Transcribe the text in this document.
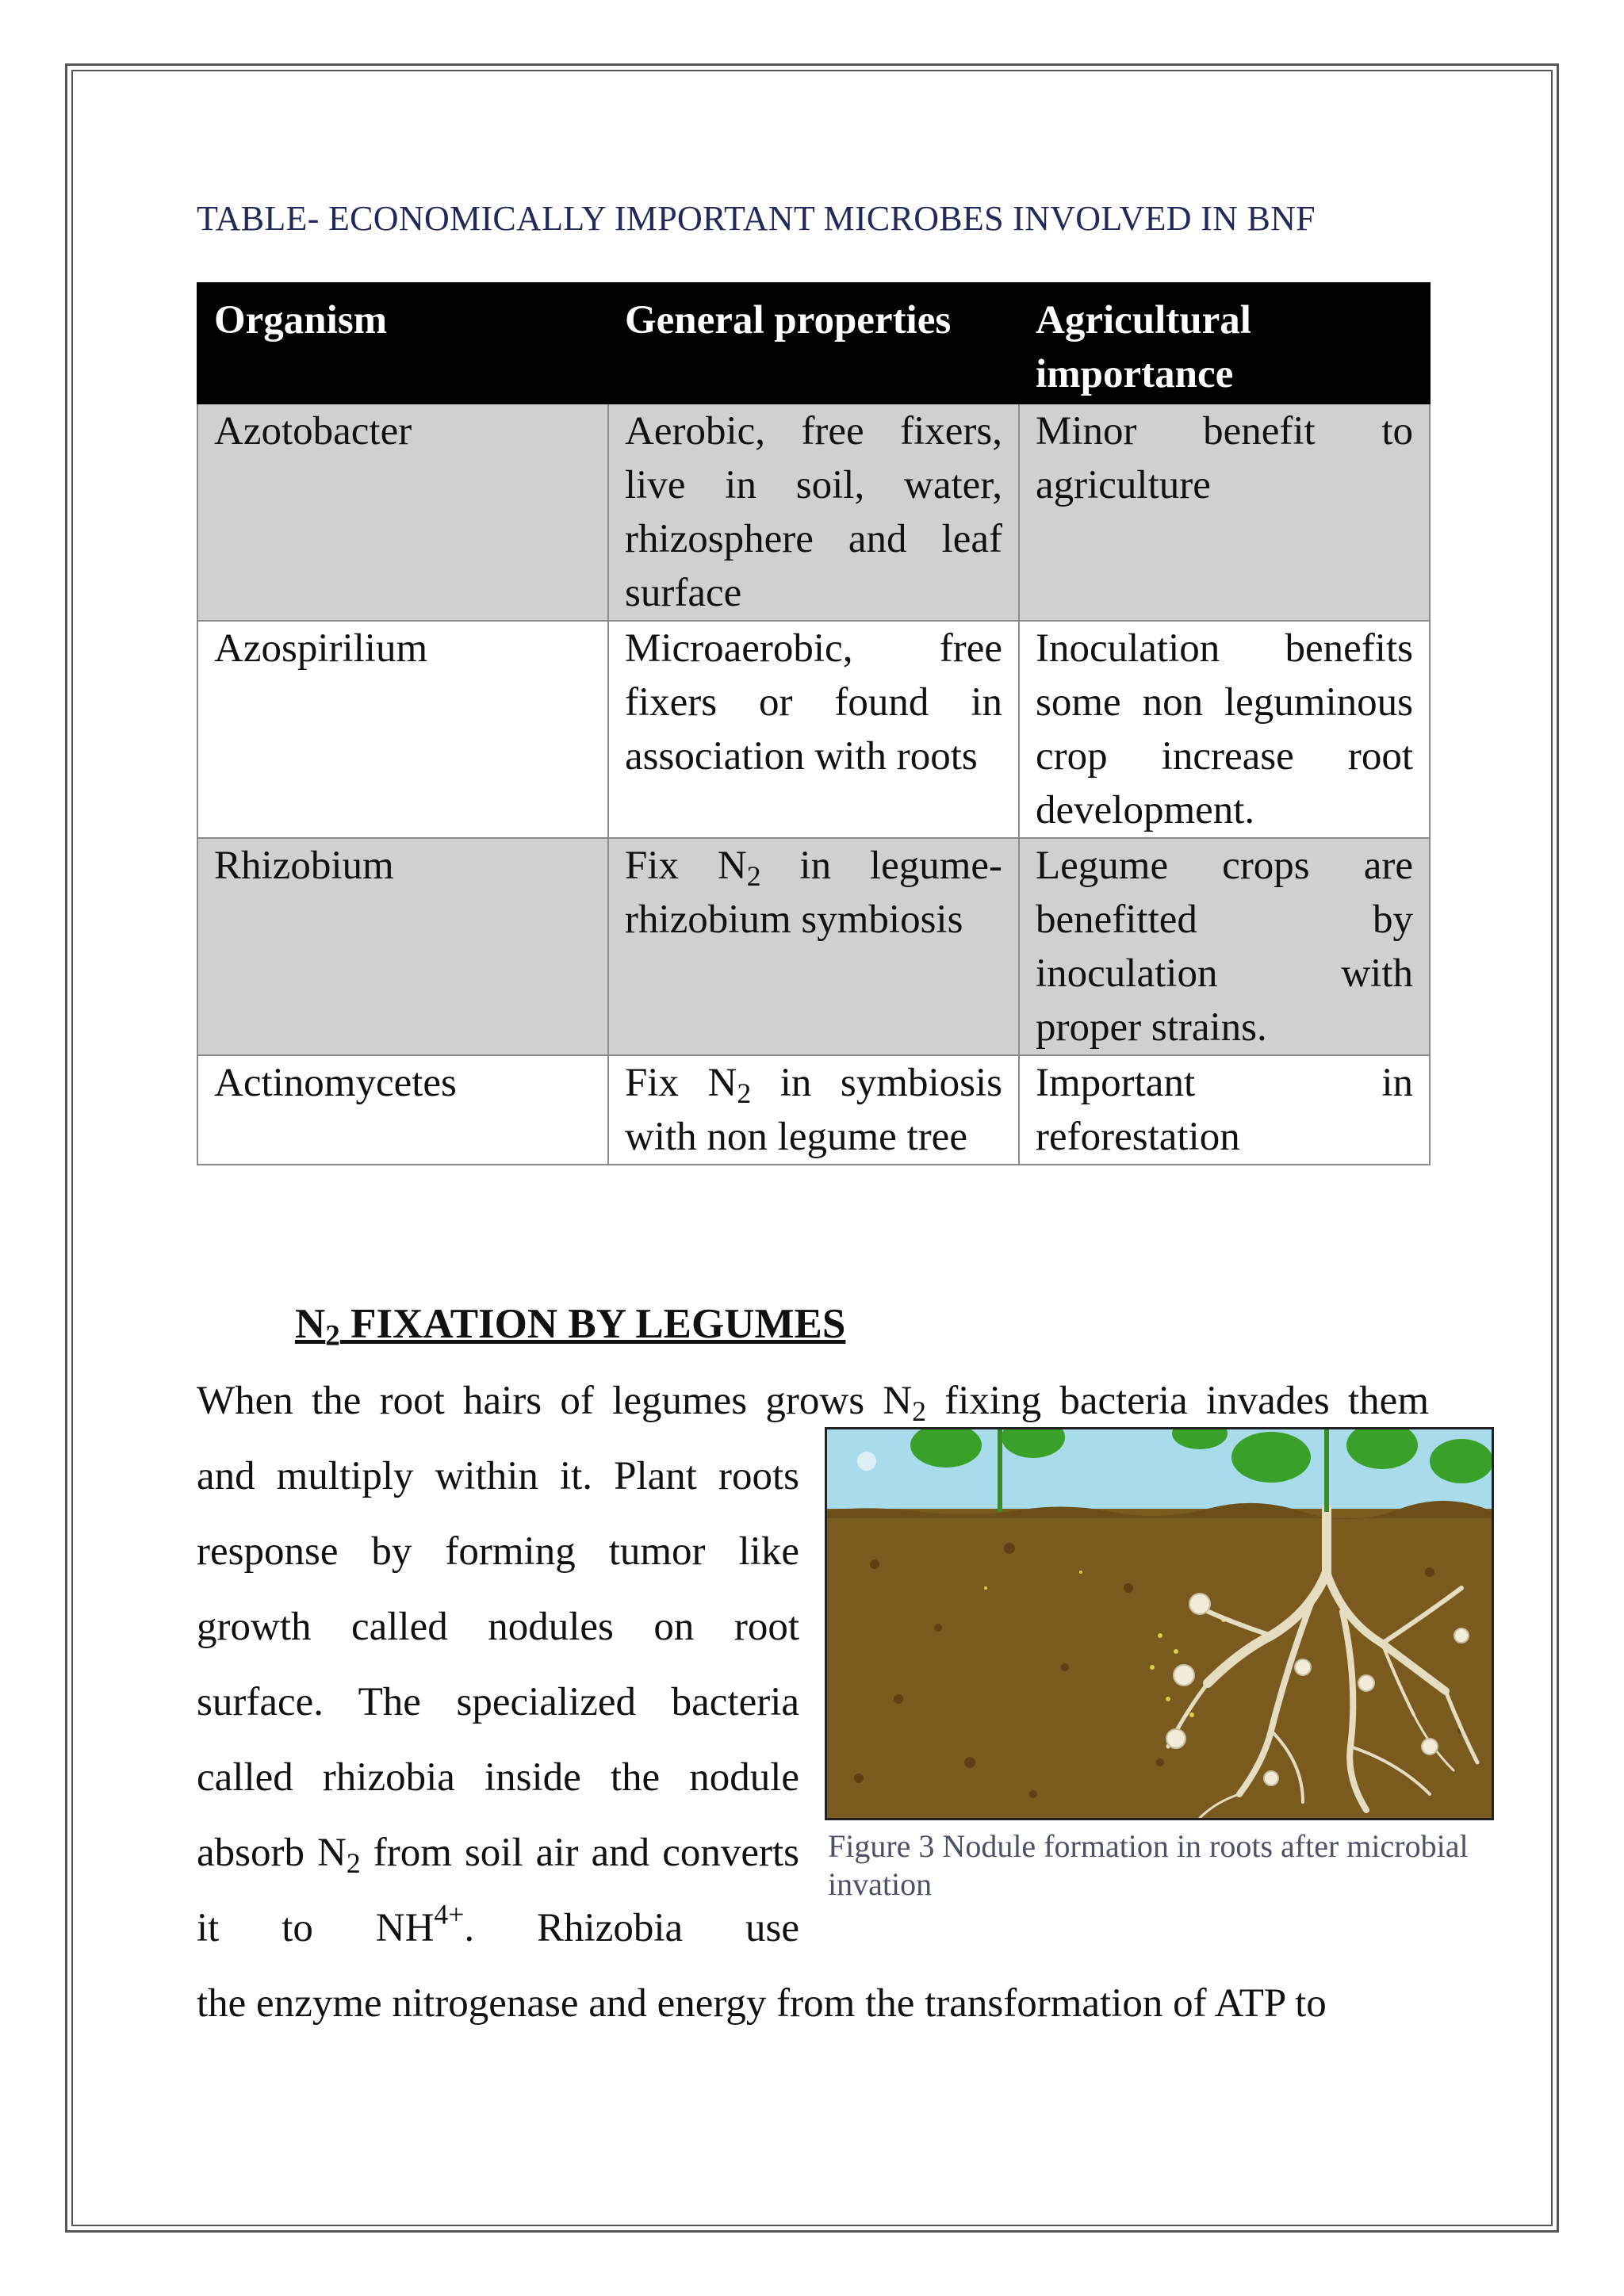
TABLE- ECONOMICALLY IMPORTANT MICROBES INVOLVED IN BNF
Organism	General properties	Agricultural importance
Azotobacter	Aerobic, free fixers, live in soil, water, rhizosphere and leaf surface	Minor benefit to agriculture
Azospirilium	Microaerobic, free fixers or found in association with roots	Inoculation benefits some non leguminous crop increase root development.
Rhizobium	Fix $N_2$ in legume-rhizobium symbiosis	Legume crops are benefitted by inoculation with proper strains.
Actinomycetes	Fix $N_2$ in symbiosis with non legume tree	Important in reforestation
$N_2$ FIXATION BY LEGUMES
When the root hairs of legumes grows $N_2$ fixing bacteria invades them
and multiply within it. Plant roots response by forming tumor like growth called nodules on root surface. The specialized bacteria called rhizobia inside the nodule absorb $N_2$ from soil air and converts it to $NH^{4+}$. Rhizobia use
Figure 3 Nodule formation in roots after microbial invation
the enzyme nitrogenase and energy from the transformation of ATP to
